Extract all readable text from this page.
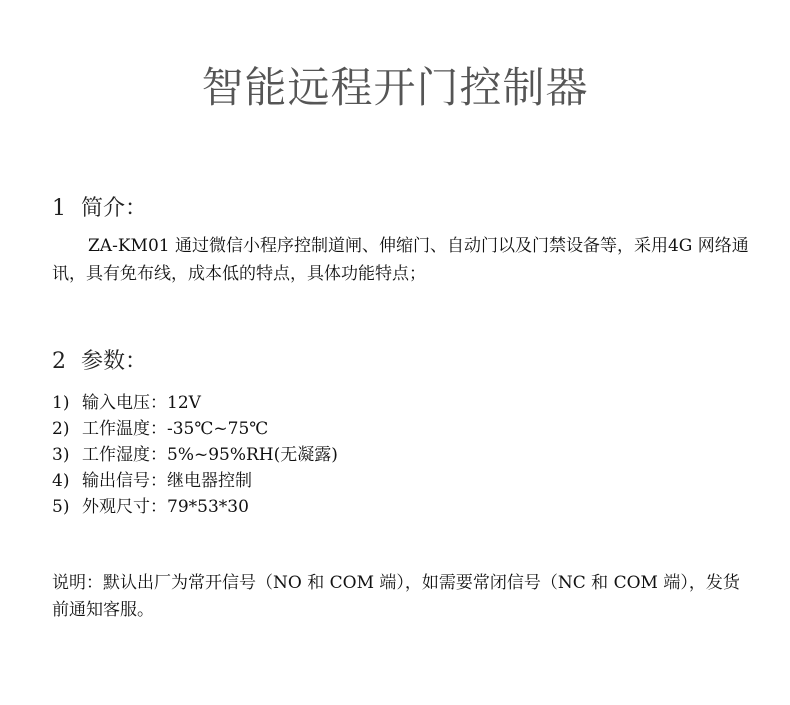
智能远程开门控制器
1 简介：

ZA-KM01 通过微信小程序控制道闸、伸缩门、自动门以及门禁设备等，采用4G 网络通讯，具有免布线，成本低的特点，具体功能特点；

2 参数：
1) 输入电压：12V
2) 工作温度：-35℃~75℃
3) 工作湿度：5%~95%RH(无凝露)
4) 输出信号：继电器控制
5) 外观尺寸：79*53*30

说明：默认出厂为常开信号（NO 和 COM 端），如需要常闭信号（NC 和 COM 端），发货前通知客服。
